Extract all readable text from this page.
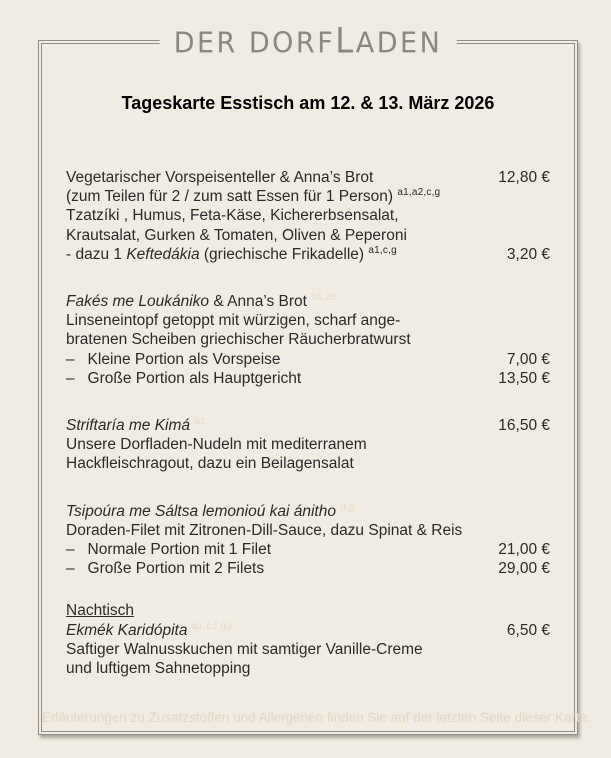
DER DORFLADEN
Tageskarte Esstisch am 12. & 13. März 2026
Vegetarischer Vorspeisenteller & Anna’s Brot	12,80 €
(zum Teilen für 2 / zum satt Essen für 1 Person) $^{a1,a2,c,g}$
Tzatzíki , Humus, Feta-Käse, Kichererbsensalat,
Krautsalat, Gurken & Tomaten, Oliven & Peperoni
- dazu 1 Keftedákia (griechische Frikadelle) $^{a1,c,g}$	3,20 €
Fakés me Loukániko & Anna’s Brot $^{a1,a5}$
Linseneintopf getoppt mit würzigen, scharf ange-
bratenen Scheiben griechischer Räucherbratwurst
–   Kleine Portion als Vorspeise	7,00 €
–   Große Portion als Hauptgericht	13,50 €
Striftaría me Kimá $^{a1}$	16,50 €
Unsere Dorfladen-Nudeln mit mediterranem
Hackfleischragout, dazu ein Beilagensalat
Tsipoúra me Sáltsa lemonioú kai ánitho $^{d,g}$
Doraden-Filet mit Zitronen-Dill-Sauce, dazu Spinat & Reis
–   Normale Portion mit 1 Filet	21,00 €
–   Große Portion mit 2 Filets	29,00 €
Nachtisch
Ekmék Karidópita $^{a1,c,f,g,l}$	6,50 €
Saftiger Walnusskuchen mit samtiger Vanille-Creme
und luftigem Sahnetopping
Erläuterungen zu Zusatzstoffen und Allergenen finden Sie auf der letzten Seite dieser Karte.
